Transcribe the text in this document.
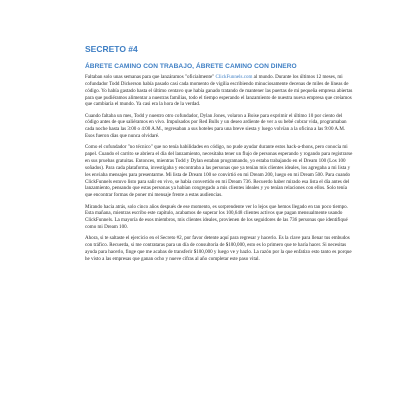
SECRETO #4
ÁBRETE CAMINO CON TRABAJO, ÁBRETE CAMINO CON DINERO

Faltaban solo unas semanas para que lanzáramos "oficialmente" ClickFunnels.com al mundo. Durante los últimos 12 meses, mi cofundador Todd Dickerson había pasado casi cada momento de vigilia escribiendo minuciosamente decenas de miles de líneas de código. Yo había gastado hasta el último centavo que había ganado tratando de mantener las puertas de mi pequeña empresa abiertas para que pudiéramos alimentar a nuestras familias, todo el tiempo esperando el lanzamiento de nuestra nueva empresa que creíamos que cambiaría el mundo. Ya casi era la hora de la verdad.

Cuando faltaba un mes, Todd y nuestro otro cofundador, Dylan Jones, volaron a Boise para exprimir el último 10 por ciento del código antes de que saliéramos en vivo. Impulsados por Red Bulls y un deseo ardiente de ver a su bebé cobrar vida, programaban cada noche hasta las 3:00 o 4:00 A.M., regresaban a sus hoteles para una breve siesta y luego volvían a la oficina a las 9:00 A.M. Esos fueron días que nunca olvidaré.

Como el cofundador "no técnico" que no tenía habilidades en código, no pude ayudar durante estos hack-a-thons, pero conocía mi papel. Cuando el carrito se abriera el día del lanzamiento, necesitaba tener un flujo de personas esperando y rogando para registrarse en sus pruebas gratuitas. Entonces, mientras Todd y Dylan estaban programando, yo estaba trabajando en el Dream 100 (Los 100 soñados). Para cada plataforma, investigaba y encontraba a las personas que ya tenían mis clientes ideales, los agregaba a mi lista y les enviaba mensajes para presentarme. Mi lista de Dream 100 se convirtió en mi Dream 200, luego en mi Dream 500. Para cuando ClickFunnels estuvo listo para salir en vivo, se había convertido en mi Dream 736. Recuerdo haber mirado esa lista el día antes del lanzamiento, pensando que estas personas ya habían congregado a mis clientes ideales y yo tenían relaciones con ellos. Solo tenía que encontrar formas de poner mi mensaje frente a estas audiencias.

Mirando hacia atrás, solo cinco años después de ese momento, es sorprendente ver lo lejos que hemos llegado en tan poco tiempo. Esta mañana, mientras escribo este capítulo, acabamos de superar los 100,648 clientes activos que pagan mensualmente usando ClickFunnels. La mayoría de esos miembros, mis clientes ideales, provienen de los seguidores de las 736 personas que identifiqué como mi Dream 100.

Ahora, si te saltaste el ejercicio en el Secreto #2, por favor detente aquí para regresar y hacerlo. Es la clave para llenar tus embudos con tráfico. Recuerda, si me contrataras para un día de consultoría de $100,000, esto es lo primero que te haría hacer. Si necesitas ayuda para hacerlo, finge que me acabas de transferir $100,000 y luego ve y hazlo. La razón por la que enfatizo esto tanto es porque he visto a las empresas que ganan ocho y nueve cifras al año completar este paso vital.
